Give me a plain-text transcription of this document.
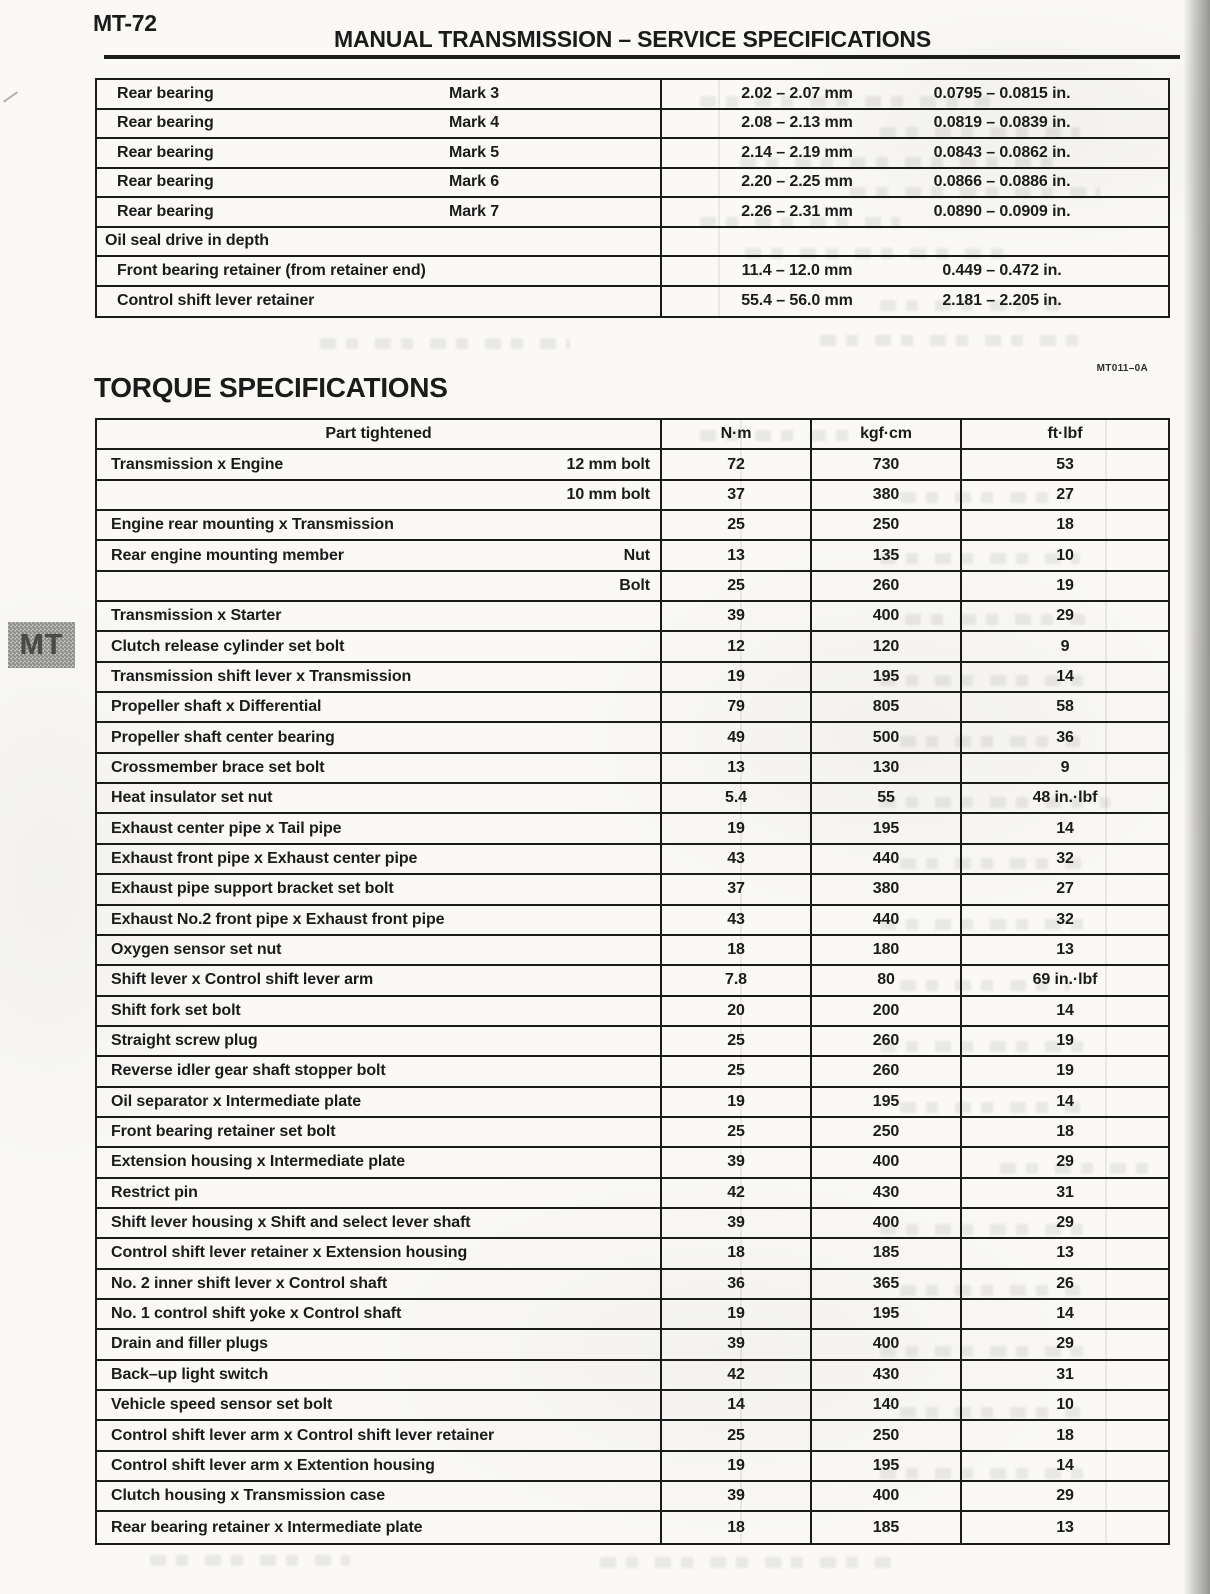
MT-72
MANUAL TRANSMISSION – SERVICE SPECIFICATIONS
Rear bearing	Mark 3	2.02 – 2.07 mm	0.0795 – 0.0815 in.
Rear bearing	Mark 4	2.08 – 2.13 mm	0.0819 – 0.0839 in.
Rear bearing	Mark 5	2.14 – 2.19 mm	0.0843 – 0.0862 in.
Rear bearing	Mark 6	2.20 – 2.25 mm	0.0866 – 0.0886 in.
Rear bearing	Mark 7	2.26 – 2.31 mm	0.0890 – 0.0909 in.
Oil seal drive in depth
Front bearing retainer (from retainer end)	11.4 – 12.0 mm	0.449 – 0.472 in.
Control shift lever retainer	55.4 – 56.0 mm	2.181 – 2.205 in.
MT011–0A
TORQUE SPECIFICATIONS
Part tightened	N·m	kgf·cm	ft·lbf
Transmission x Engine	12 mm bolt	72	730	53
10 mm bolt	37	380	27
Engine rear mounting x Transmission	25	250	18
Rear engine mounting member	Nut	13	135	10
Bolt	25	260	19
Transmission x Starter	39	400	29
Clutch release cylinder set bolt	12	120	9
Transmission shift lever x Transmission	19	195	14
Propeller shaft x Differential	79	805	58
Propeller shaft center bearing	49	500	36
Crossmember brace set bolt	13	130	9
Heat insulator set nut	5.4	55	48 in.·lbf
Exhaust center pipe x Tail pipe	19	195	14
Exhaust front pipe x Exhaust center pipe	43	440	32
Exhaust pipe support bracket set bolt	37	380	27
Exhaust No.2 front pipe x Exhaust front pipe	43	440	32
Oxygen sensor set nut	18	180	13
Shift lever x Control shift lever arm	7.8	80	69 in.·lbf
Shift fork set bolt	20	200	14
Straight screw plug	25	260	19
Reverse idler gear shaft stopper bolt	25	260	19
Oil separator x Intermediate plate	19	195	14
Front bearing retainer set bolt	25	250	18
Extension housing x Intermediate plate	39	400	29
Restrict pin	42	430	31
Shift lever housing x Shift and select lever shaft	39	400	29
Control shift lever retainer x Extension housing	18	185	13
No. 2 inner shift lever x Control shaft	36	365	26
No. 1 control shift yoke x Control shaft	19	195	14
Drain and filler plugs	39	400	29
Back–up light switch	42	430	31
Vehicle speed sensor set bolt	14	140	10
Control shift lever arm x Control shift lever retainer	25	250	18
Control shift lever arm x Extention housing	19	195	14
Clutch housing x Transmission case	39	400	29
Rear bearing retainer x Intermediate plate	18	185	13
MT
